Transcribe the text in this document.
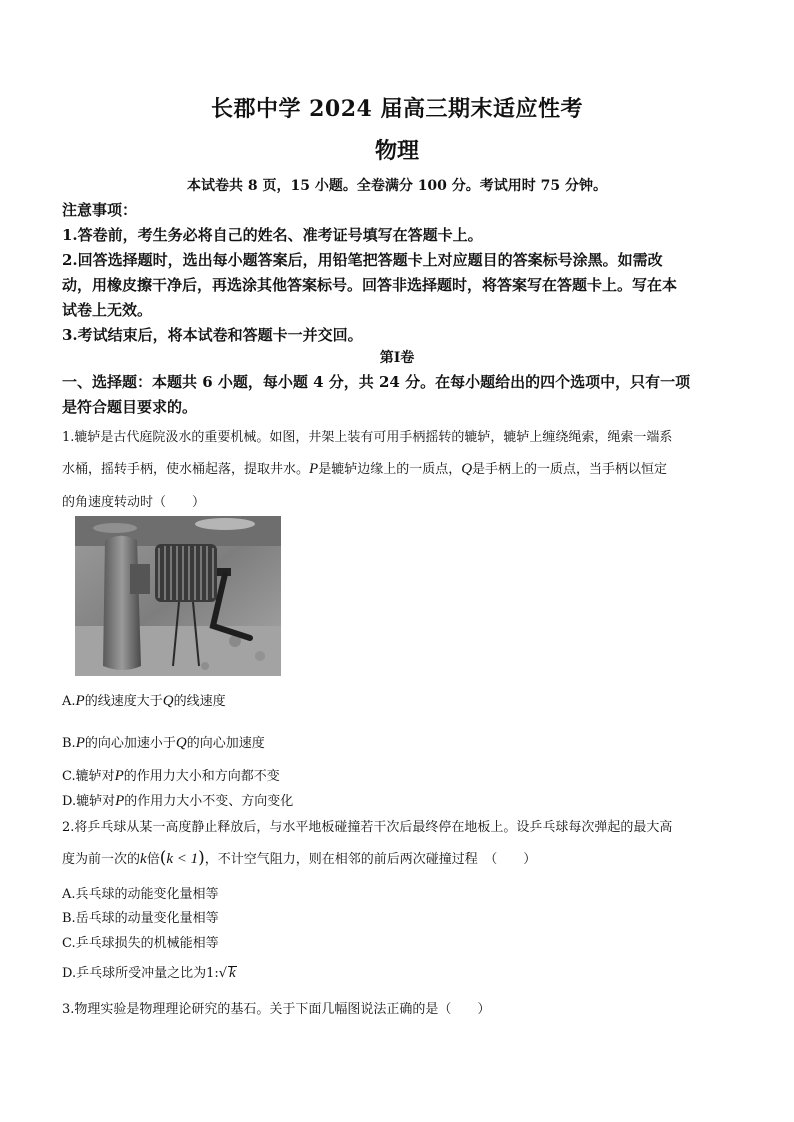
长郡中学 2024 届高三期末适应性考
物理
本试卷共 8 页，15 小题。全卷满分 100 分。考试用时 75 分钟。
注意事项：
1.答卷前，考生务必将自己的姓名、准考证号填写在答题卡上。
2.回答选择题时，选出每小题答案后，用铅笔把答题卡上对应题目的答案标号涂黑。如需改
动，用橡皮擦干净后，再选涂其他答案标号。回答非选择题时，将答案写在答题卡上。写在本
试卷上无效。
3.考试结束后，将本试卷和答题卡一并交回。
第Ⅰ卷
一、选择题：本题共 6 小题，每小题 4 分，共 24 分。在每小题给出的四个选项中，只有一项
是符合题目要求的。
1.辘轳是古代庭院汲水的重要机械。如图，井架上装有可用手柄摇转的辘轳，辘轳上缠绕绳索，绳索一端系
水桶，摇转手柄，使水桶起落，提取井水。P是辘轳边缘上的一质点，Q是手柄上的一质点，当手柄以恒定
的角速度转动时（　　）
A.P的线速度大于Q的线速度
B.P的向心加速小于Q的向心加速度
C.辘轳对P的作用力大小和方向都不变
D.辘轳对P的作用力大小不变、方向变化
2.将乒乓球从某一高度静止释放后，与水平地板碰撞若干次后最终停在地板上。设乒乓球每次弹起的最大高
度为前一次的k倍(k < 1)，不计空气阻力，则在相邻的前后两次碰撞过程　（　　）
A.兵乓球的动能变化量相等
B.岳乓球的动量变化量相等
C.乒乓球损失的机械能相等
D.乒乓球所受冲量之比为1:√ k
3.物理实验是物理理论研究的基石。关于下面几幅图说法正确的是（　　）
